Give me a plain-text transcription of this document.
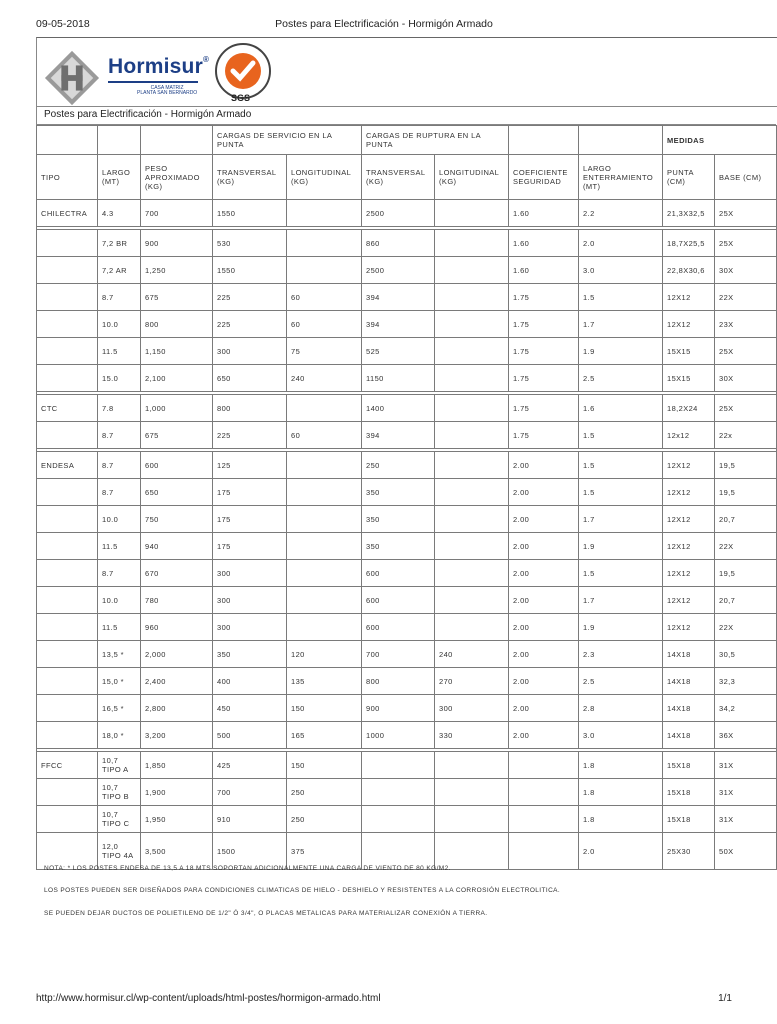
09-05-2018	Postes para Electrificación - Hormigón Armado
Hormisur®
CASA MATRIZ
PLANTA SAN BERNARDO	SGS
Postes para Electrificación - Hormigón Armado
			CARGAS DE SERVICIO EN LA PUNTA		CARGAS DE RUPTURA EN LA PUNTA				MEDIDAS	
TIPO	LARGO (MT)	PESO APROXIMADO (KG)	TRANSVERSAL (KG)	LONGITUDINAL (KG)	TRANSVERSAL (KG)	LONGITUDINAL (KG)	COEFICIENTE SEGURIDAD	LARGO ENTERRAMIENTO (MT)	PUNTA (CM)	BASE (CM)
CHILECTRA	4.3	700	1550		2500		1.60	2.2	21,3X32,5	25X

	7,2 BR	900	530		860		1.60	2.0	18,7X25,5	25X
	7,2 AR	1,250	1550		2500		1.60	3.0	22,8X30,6	30X
	8.7	675	225	60	394		1.75	1.5	12X12	22X
	10.0	800	225	60	394		1.75	1.7	12X12	23X
	11.5	1,150	300	75	525		1.75	1.9	15X15	25X
	15.0	2,100	650	240	1150		1.75	2.5	15X15	30X

CTC	7.8	1,000	800		1400		1.75	1.6	18,2X24	25X
	8.7	675	225	60	394		1.75	1.5	12x12	22x

ENDESA	8.7	600	125		250		2.00	1.5	12X12	19,5
	8.7	650	175		350		2.00	1.5	12X12	19,5
	10.0	750	175		350		2.00	1.7	12X12	20,7
	11.5	940	175		350		2.00	1.9	12X12	22X
	8.7	670	300		600		2.00	1.5	12X12	19,5
	10.0	780	300		600		2.00	1.7	12X12	20,7
	11.5	960	300		600		2.00	1.9	12X12	22X
	13,5 *	2,000	350	120	700	240	2.00	2.3	14X18	30,5
	15,0 *	2,400	400	135	800	270	2.00	2.5	14X18	32,3
	16,5 *	2,800	450	150	900	300	2.00	2.8	14X18	34,2
	18,0 *	3,200	500	165	1000	330	2.00	3.0	14X18	36X

FFCC	10,7 TIPO A	1,850	425	150				1.8	15X18	31X
	10,7 TIPO B	1,900	700	250				1.8	15X18	31X
	10,7 TIPO C	1,950	910	250				1.8	15X18	31X
	12,0 TIPO 4A	3,500	1500	375				2.0	25X30	50X
NOTA: * LOS POSTES ENDESA DE 13,5 A 18 MTS SOPORTAN ADICIONALMENTE UNA CARGA DE VIENTO DE 80 KG/M2.
LOS POSTES PUEDEN SER DISEÑADOS PARA CONDICIONES CLIMATICAS DE HIELO - DESHIELO Y RESISTENTES A LA CORROSIÓN ELECTROLITICA.
SE PUEDEN DEJAR DUCTOS DE POLIETILENO DE 1/2" Ó 3/4", O PLACAS METALICAS PARA MATERIALIZAR CONEXIÓN A TIERRA.
http://www.hormisur.cl/wp-content/uploads/html-postes/hormigon-armado.html	1/1
